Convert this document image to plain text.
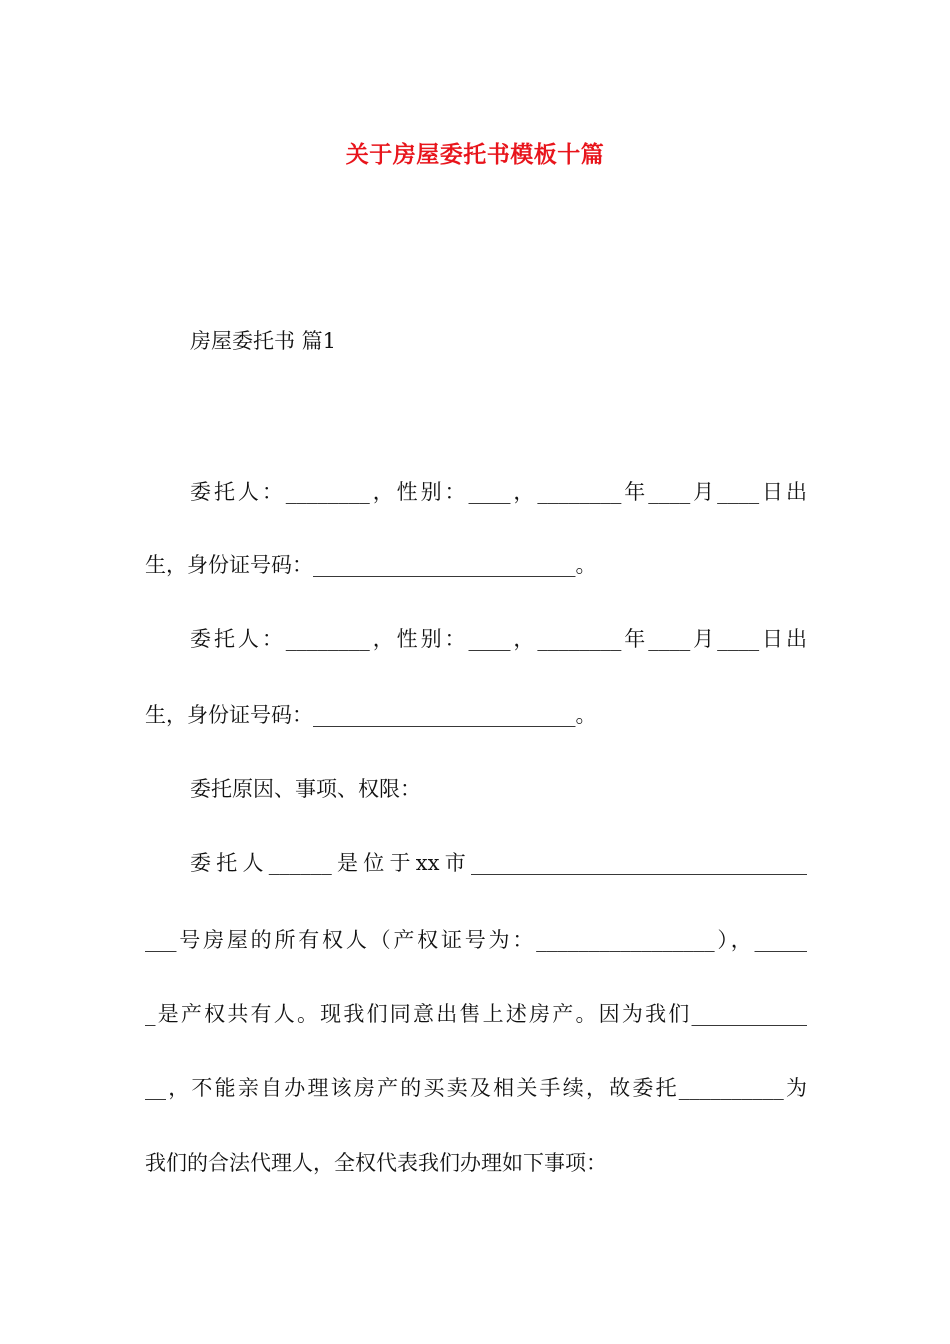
关于房屋委托书模板十篇
房屋委托书 篇1
委托人：________，性别：____，________年____月____日出
生，身份证号码：_________________________。
委托人：________，性别：____，________年____月____日出
生，身份证号码：_________________________。
委托原因、事项、权限：
委托人______是位于xx市________________________________
___号房屋的所有权人（产权证号为：_________________），_____
_是产权共有人。现我们同意出售上述房产。因为我们___________
__，不能亲自办理该房产的买卖及相关手续，故委托__________为
我们的合法代理人，全权代表我们办理如下事项：
